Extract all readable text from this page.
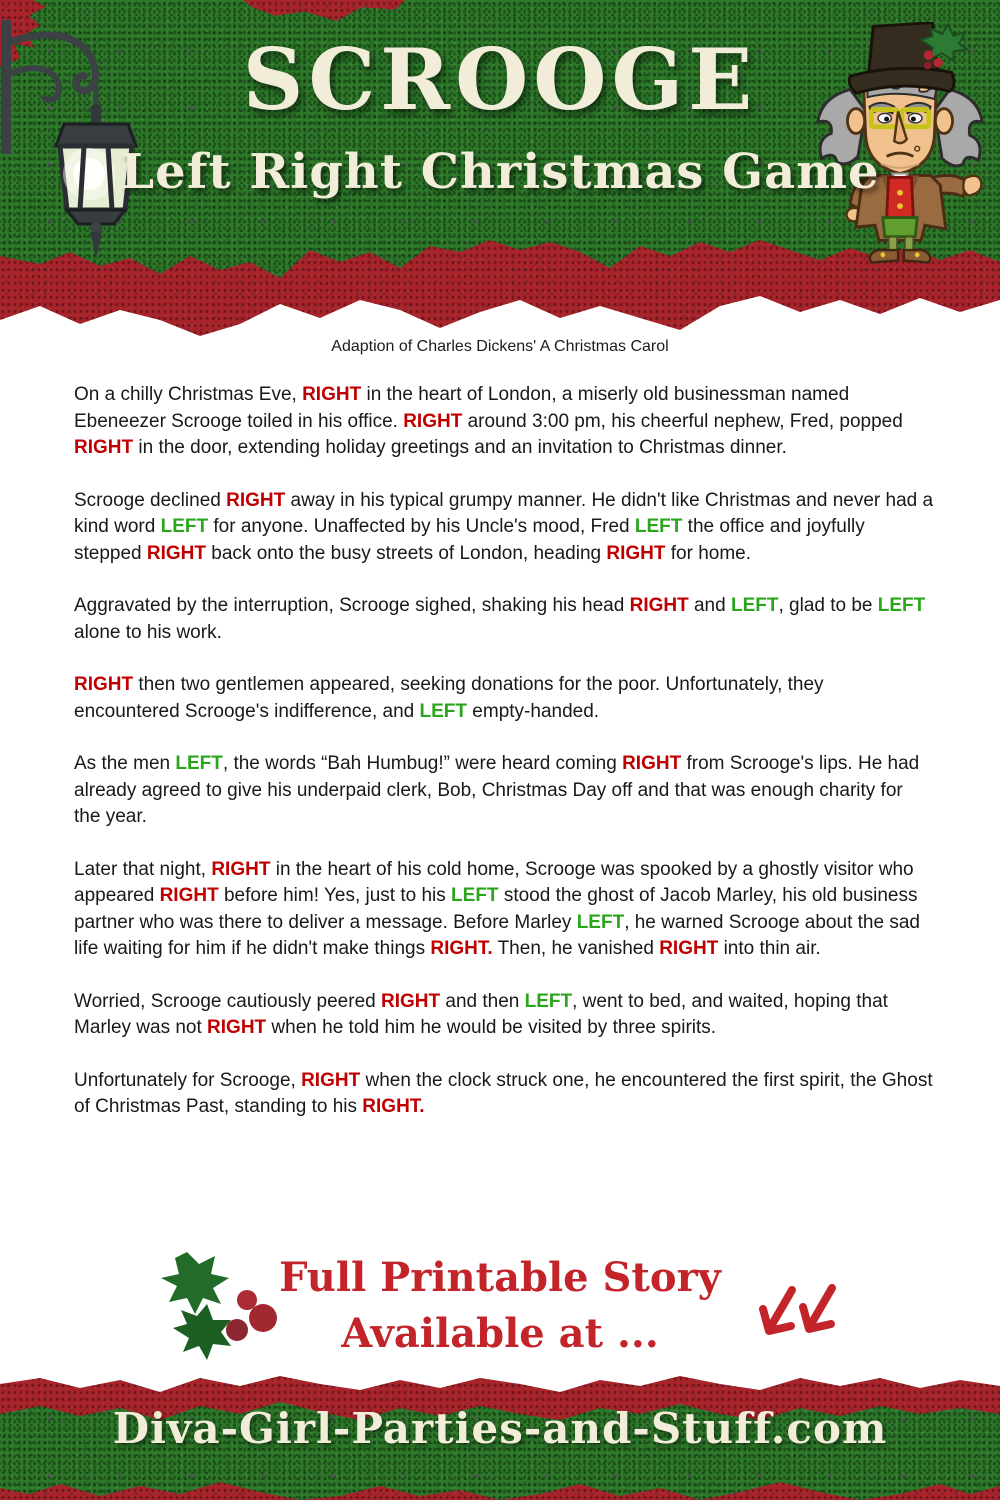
SCROOGE
Left Right Christmas Game
Adaption of Charles Dickens' A Christmas Carol

On a chilly Christmas Eve, RIGHT in the heart of London, a miserly old businessman named Ebeneezer Scrooge toiled in his office. RIGHT around 3:00 pm, his cheerful nephew, Fred, popped RIGHT in the door, extending holiday greetings and an invitation to Christmas dinner.

Scrooge declined RIGHT away in his typical grumpy manner. He didn't like Christmas and never had a kind word LEFT for anyone. Unaffected by his Uncle's mood, Fred LEFT the office and joyfully stepped RIGHT back onto the busy streets of London, heading RIGHT for home.

Aggravated by the interruption, Scrooge sighed, shaking his head RIGHT and LEFT, glad to be LEFT alone to his work.

RIGHT then two gentlemen appeared, seeking donations for the poor. Unfortunately, they encountered Scrooge's indifference, and LEFT empty-handed.

As the men LEFT, the words “Bah Humbug!” were heard coming RIGHT from Scrooge's lips. He had already agreed to give his underpaid clerk, Bob, Christmas Day off and that was enough charity for the year.

Later that night, RIGHT in the heart of his cold home, Scrooge was spooked by a ghostly visitor who appeared RIGHT before him! Yes, just to his LEFT stood the ghost of Jacob Marley, his old business partner who was there to deliver a message. Before Marley LEFT, he warned Scrooge about the sad life waiting for him if he didn't make things RIGHT. Then, he vanished RIGHT into thin air.

Worried, Scrooge cautiously peered RIGHT and then LEFT, went to bed, and waited, hoping that Marley was not RIGHT when he told him he would be visited by three spirits.

Unfortunately for Scrooge, RIGHT when the clock struck one, he encountered the first spirit, the Ghost of Christmas Past, standing to his RIGHT.

Full Printable Story
Available at ...
Diva-Girl-Parties-and-Stuff.com
